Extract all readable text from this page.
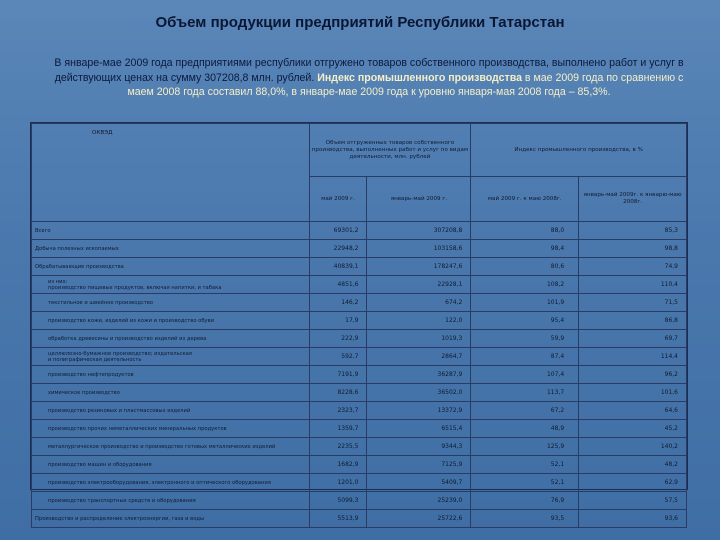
Объем продукции предприятий Республики Татарстан
В январе-мае 2009 года предприятиями республики отгружено товаров собственного производства, выполнено работ и услуг в действующих ценах на сумму 307208,8 млн. рублей. Индекс промышленного производства в мае 2009 года по сравнению с маем 2008 года составил 88,0%, в январе-мае 2009 года к уровню января-мая 2008 года – 85,3%.
ОКВЭД	Объем отгруженных товаров собственного производства, выполненных работ и услуг по видам деятельности, млн. рублей		Индекс промышленного производства, в %	
	май 2009 г.	январь-май 2009 г.	май 2009 г. к маю 2008г.	январь-май 2009г. к январю-маю 2008г.
Всего	69301,2	307208,8	88,0	85,3
Добыча полезных ископаемых	22948,2	103158,6	98,4	98,8
Обрабатывающие производства	40839,1	178247,6	80,6	74,9
из них:
производство пищевых продуктов, включая напитки, и табака	4851,6	22928,1	108,2	110,4
текстильное и швейное производство	146,2	674,2	101,9	71,5
производство кожи, изделий из кожи и производство обуви	17,9	122,0	95,4	86,8
обработка древесины и производство изделий из дерева	222,9	1019,3	59,9	69,7
целлюлозно-бумажное производство; издательская
и полиграфическая деятельность	592,7	2864,7	87,4	114,4
производство нефтепродуктов	7191,9	36287,9	107,4	96,2
химическое производство	8228,6	36502,0	113,7	101,6
производство резиновых и пластмассовых изделий	2323,7	13372,9	67,2	64,6
производство прочих неметаллических минеральных продуктов	1359,7	6515,4	48,9	45,2
металлургическое производство и производство готовых металлических изделий	2235,5	9344,3	125,9	140,2
производство машин и оборудования	1682,9	7125,9	52,1	48,2
производство электрооборудования, электронного и оптического оборудования	1201,0	5409,7	52,1	62,9
производство транспортных средств и оборудования	5099,3	25239,0	76,9	57,5
Производство и распределение электроэнергии, газа и воды	5513,9	25722,6	93,5	93,6
